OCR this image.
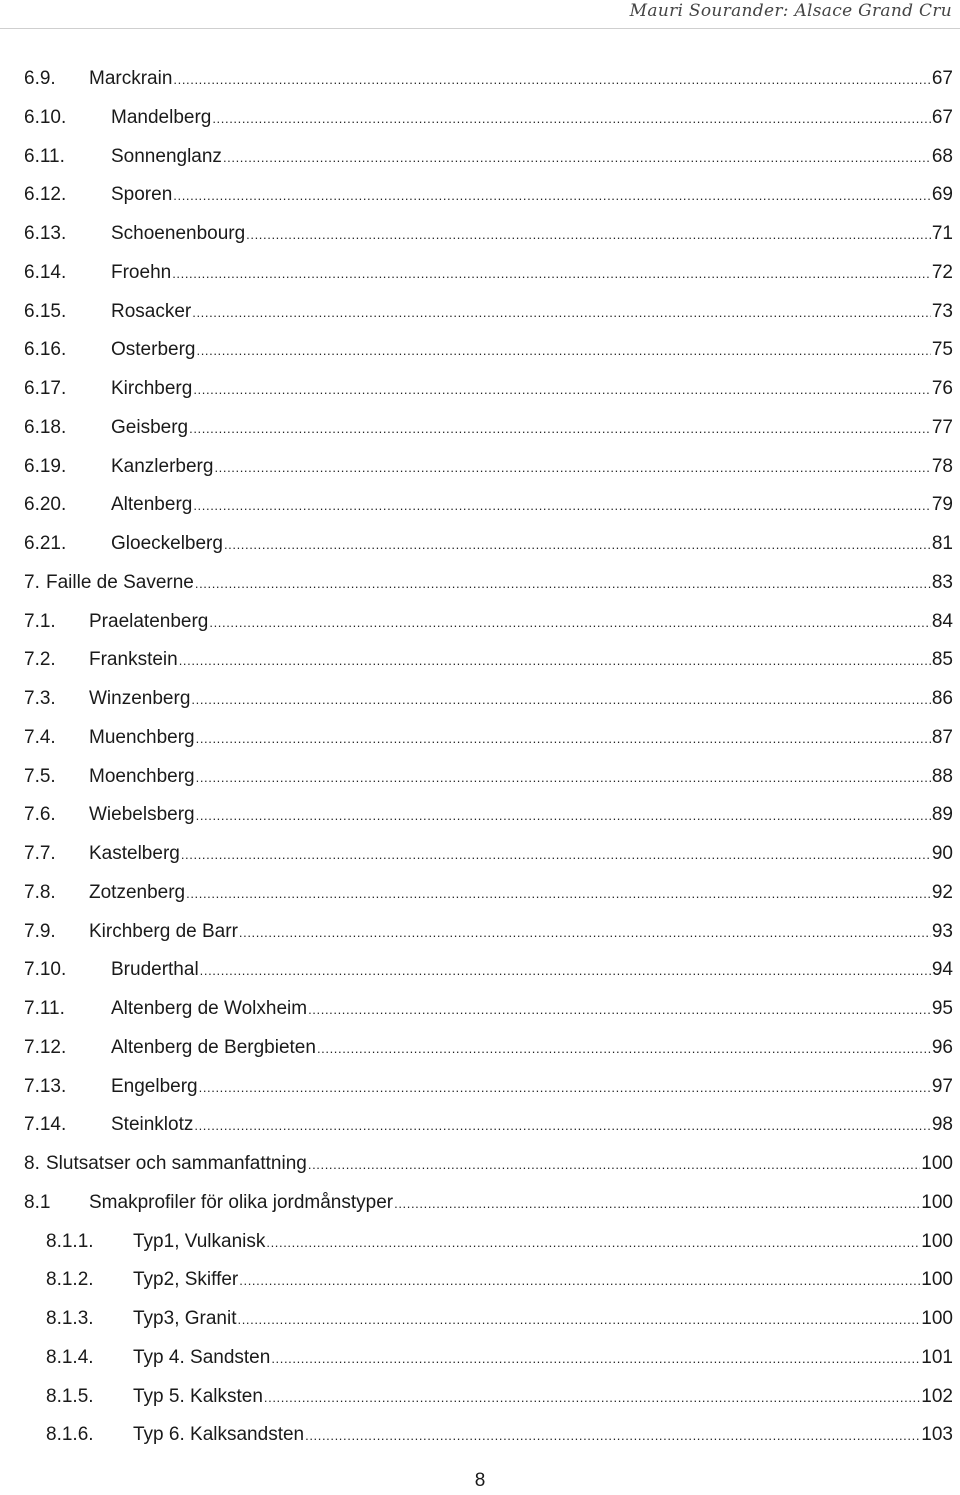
Mauri Sourander: Alsace Grand Cru
6.9.	Marckrain .....	67
6.10.	Mandelberg .....	67
6.11.	Sonnenglanz .....	68
6.12.	Sporen .....	69
6.13.	Schoenenbourg .....	71
6.14.	Froehn .....	72
6.15.	Rosacker .....	73
6.16.	Osterberg .....	75
6.17.	Kirchberg .....	76
6.18.	Geisberg .....	77
6.19.	Kanzlerberg .....	78
6.20.	Altenberg .....	79
6.21.	Gloeckelberg .....	81
7. Faille de Saverne .....	83
7.1.	Praelatenberg .....	84
7.2.	Frankstein .....	85
7.3.	Winzenberg .....	86
7.4.	Muenchberg .....	87
7.5.	Moenchberg .....	88
7.6.	Wiebelsberg .....	89
7.7.	Kastelberg .....	90
7.8.	Zotzenberg .....	92
7.9.	Kirchberg de Barr .....	93
7.10.	Bruderthal .....	94
7.11.	Altenberg de Wolxheim .....	95
7.12.	Altenberg de Bergbieten .....	96
7.13.	Engelberg .....	97
7.14.	Steinklotz .....	98
8. Slutsatser och sammanfattning .....	100
8.1	Smakprofiler för olika jordmånstyper .....	100
8.1.1.	Typ1, Vulkanisk .....	100
8.1.2.	Typ2, Skiffer .....	100
8.1.3.	Typ3, Granit .....	100
8.1.4.	Typ 4. Sandsten .....	101
8.1.5.	Typ 5. Kalksten .....	102
8.1.6.	Typ 6. Kalksandsten .....	103
8
